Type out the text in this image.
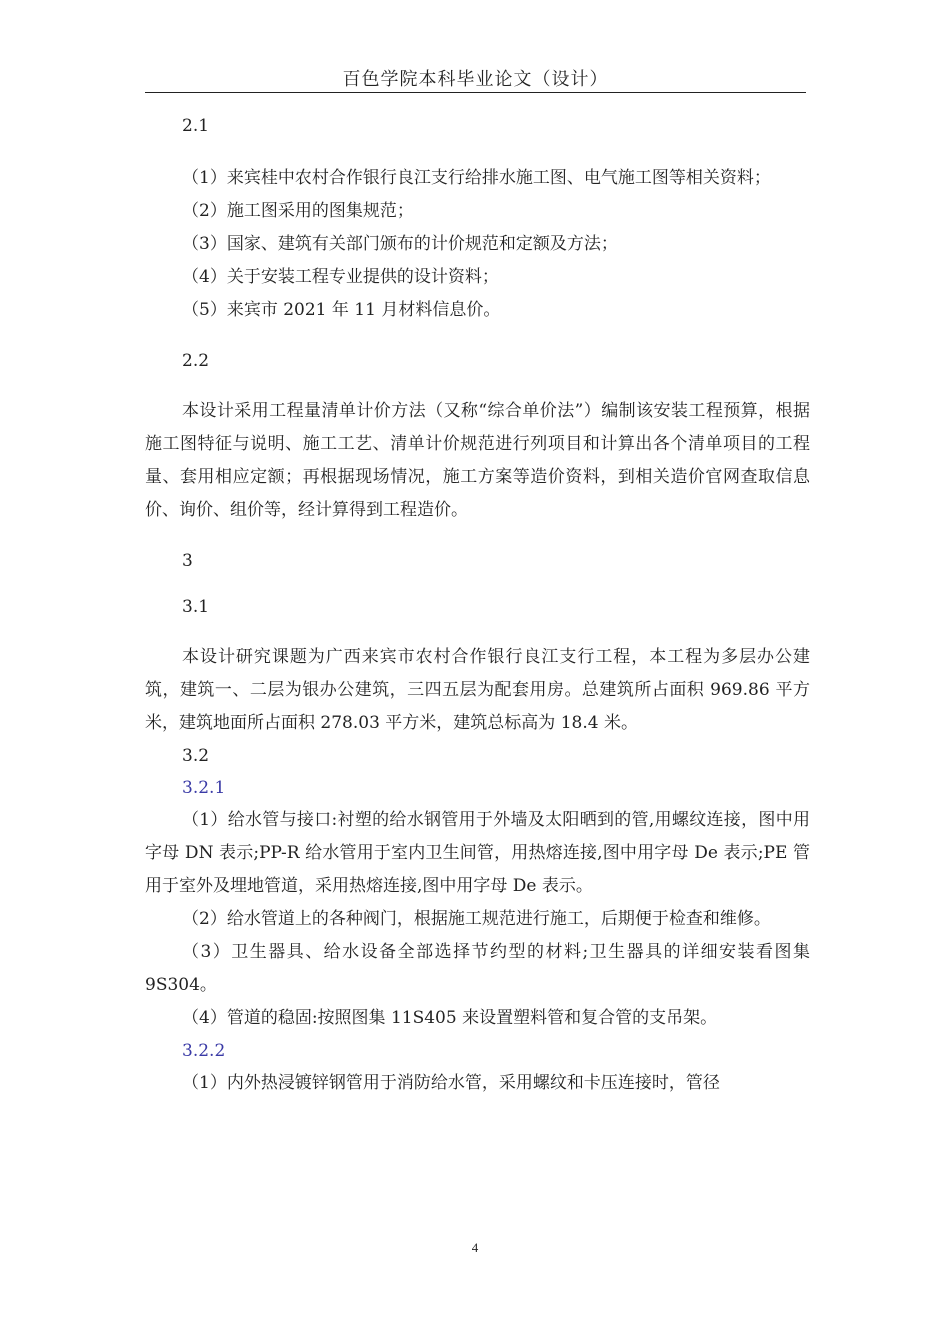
百色学院本科毕业论文（设计）

2.1

（1）来宾桂中农村合作银行良江支行给排水施工图、电气施工图等相关资料；

（2）施工图采用的图集规范；

（3）国家、建筑有关部门颁布的计价规范和定额及方法；

（4）关于安装工程专业提供的设计资料；

（5）来宾市 2021 年 11 月材料信息价。

2.2

本设计采用工程量清单计价方法（又称“综合单价法”）编制该安装工程预算，根据施工图特征与说明、施工工艺、清单计价规范进行列项目和计算出各个清单项目的工程量、套用相应定额；再根据现场情况，施工方案等造价资料，到相关造价官网查取信息价、询价、组价等，经计算得到工程造价。

3

3.1

本设计研究课题为广西来宾市农村合作银行良江支行工程，本工程为多层办公建筑，建筑一、二层为银办公建筑，三四五层为配套用房。总建筑所占面积 969.86 平方米，建筑地面所占面积 278.03 平方米，建筑总标高为 18.4 米。

3.2

3.2.1

（1）给水管与接口:衬塑的给水钢管用于外墙及太阳晒到的管,用螺纹连接，图中用字母 DN 表示;PP-R 给水管用于室内卫生间管，用热熔连接,图中用字母 De 表示;PE 管用于室外及埋地管道，采用热熔连接,图中用字母 De 表示。

（2）给水管道上的各种阀门，根据施工规范进行施工，后期便于检查和维修。

（3）卫生器具、给水设备全部选择节约型的材料;卫生器具的详细安装看图集 9S304。

（4）管道的稳固:按照图集 11S405 来设置塑料管和复合管的支吊架。

3.2.2

（1）内外热浸镀锌钢管用于消防给水管，采用螺纹和卡压连接时，管径

4
